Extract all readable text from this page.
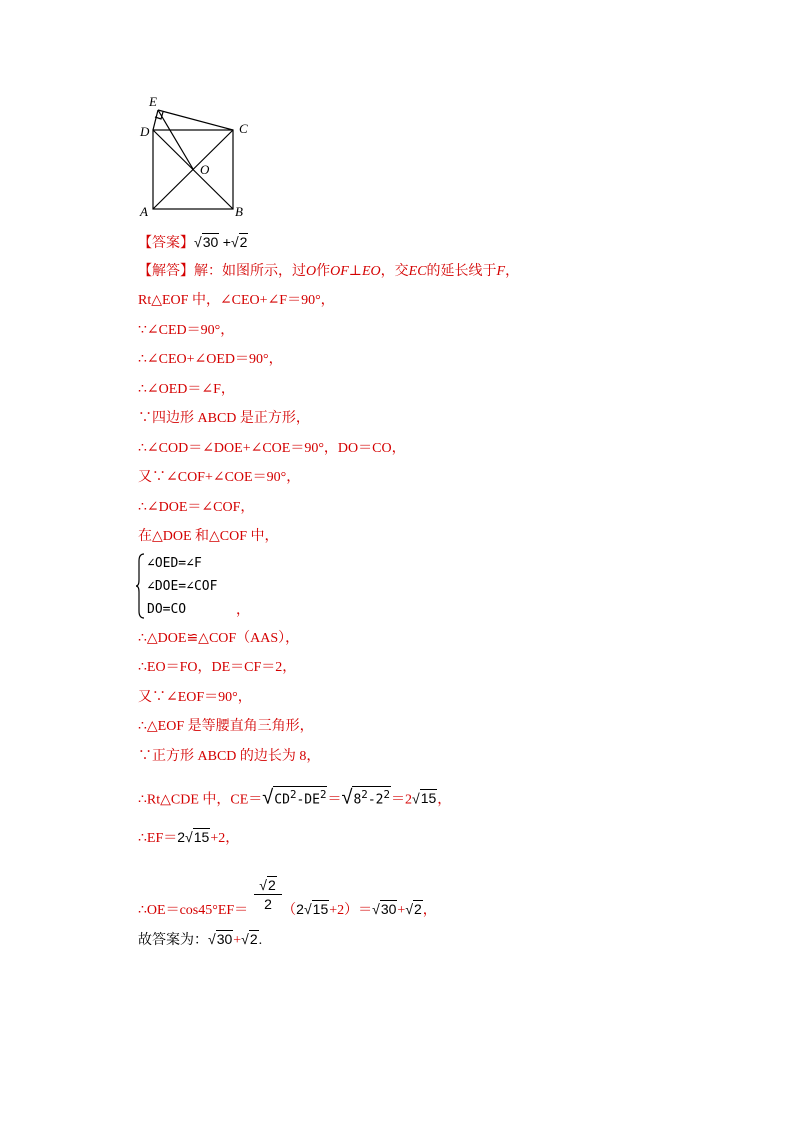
E
D	C
O
A	B
【答案】√30 +√2
【解答】解：如图所示，过O作OF⊥EO，交EC的延长线于F，
Rt△EOF 中，∠CEO+∠F＝90°，
∵∠CED＝90°，
∴∠CEO+∠OED＝90°，
∴∠OED＝∠F，
∵四边形 ABCD 是正方形，
∴∠COD＝∠DOE+∠COE＝90°，DO＝CO，
又∵∠COF+∠COE＝90°，
∴∠DOE＝∠COF，
在△DOE 和△COF 中，
∠OED=∠F
∠DOE=∠COF
DO=CO	，
∴△DOE≌△COF（AAS），
∴EO＝FO，DE＝CF＝2，
又∵∠EOF＝90°，
∴△EOF 是等腰直角三角形，
∵正方形 ABCD 的边长为 8，
∴Rt△CDE 中，$CE=√CD^2-DE^2=√8^2-2^2=2√15$，
∴EF＝2√15+2，
$\frac{√2}{2}$
∴OE＝cos45°EF＝ （2√15+2）＝√30+√2，
故答案为：√30+√2.
